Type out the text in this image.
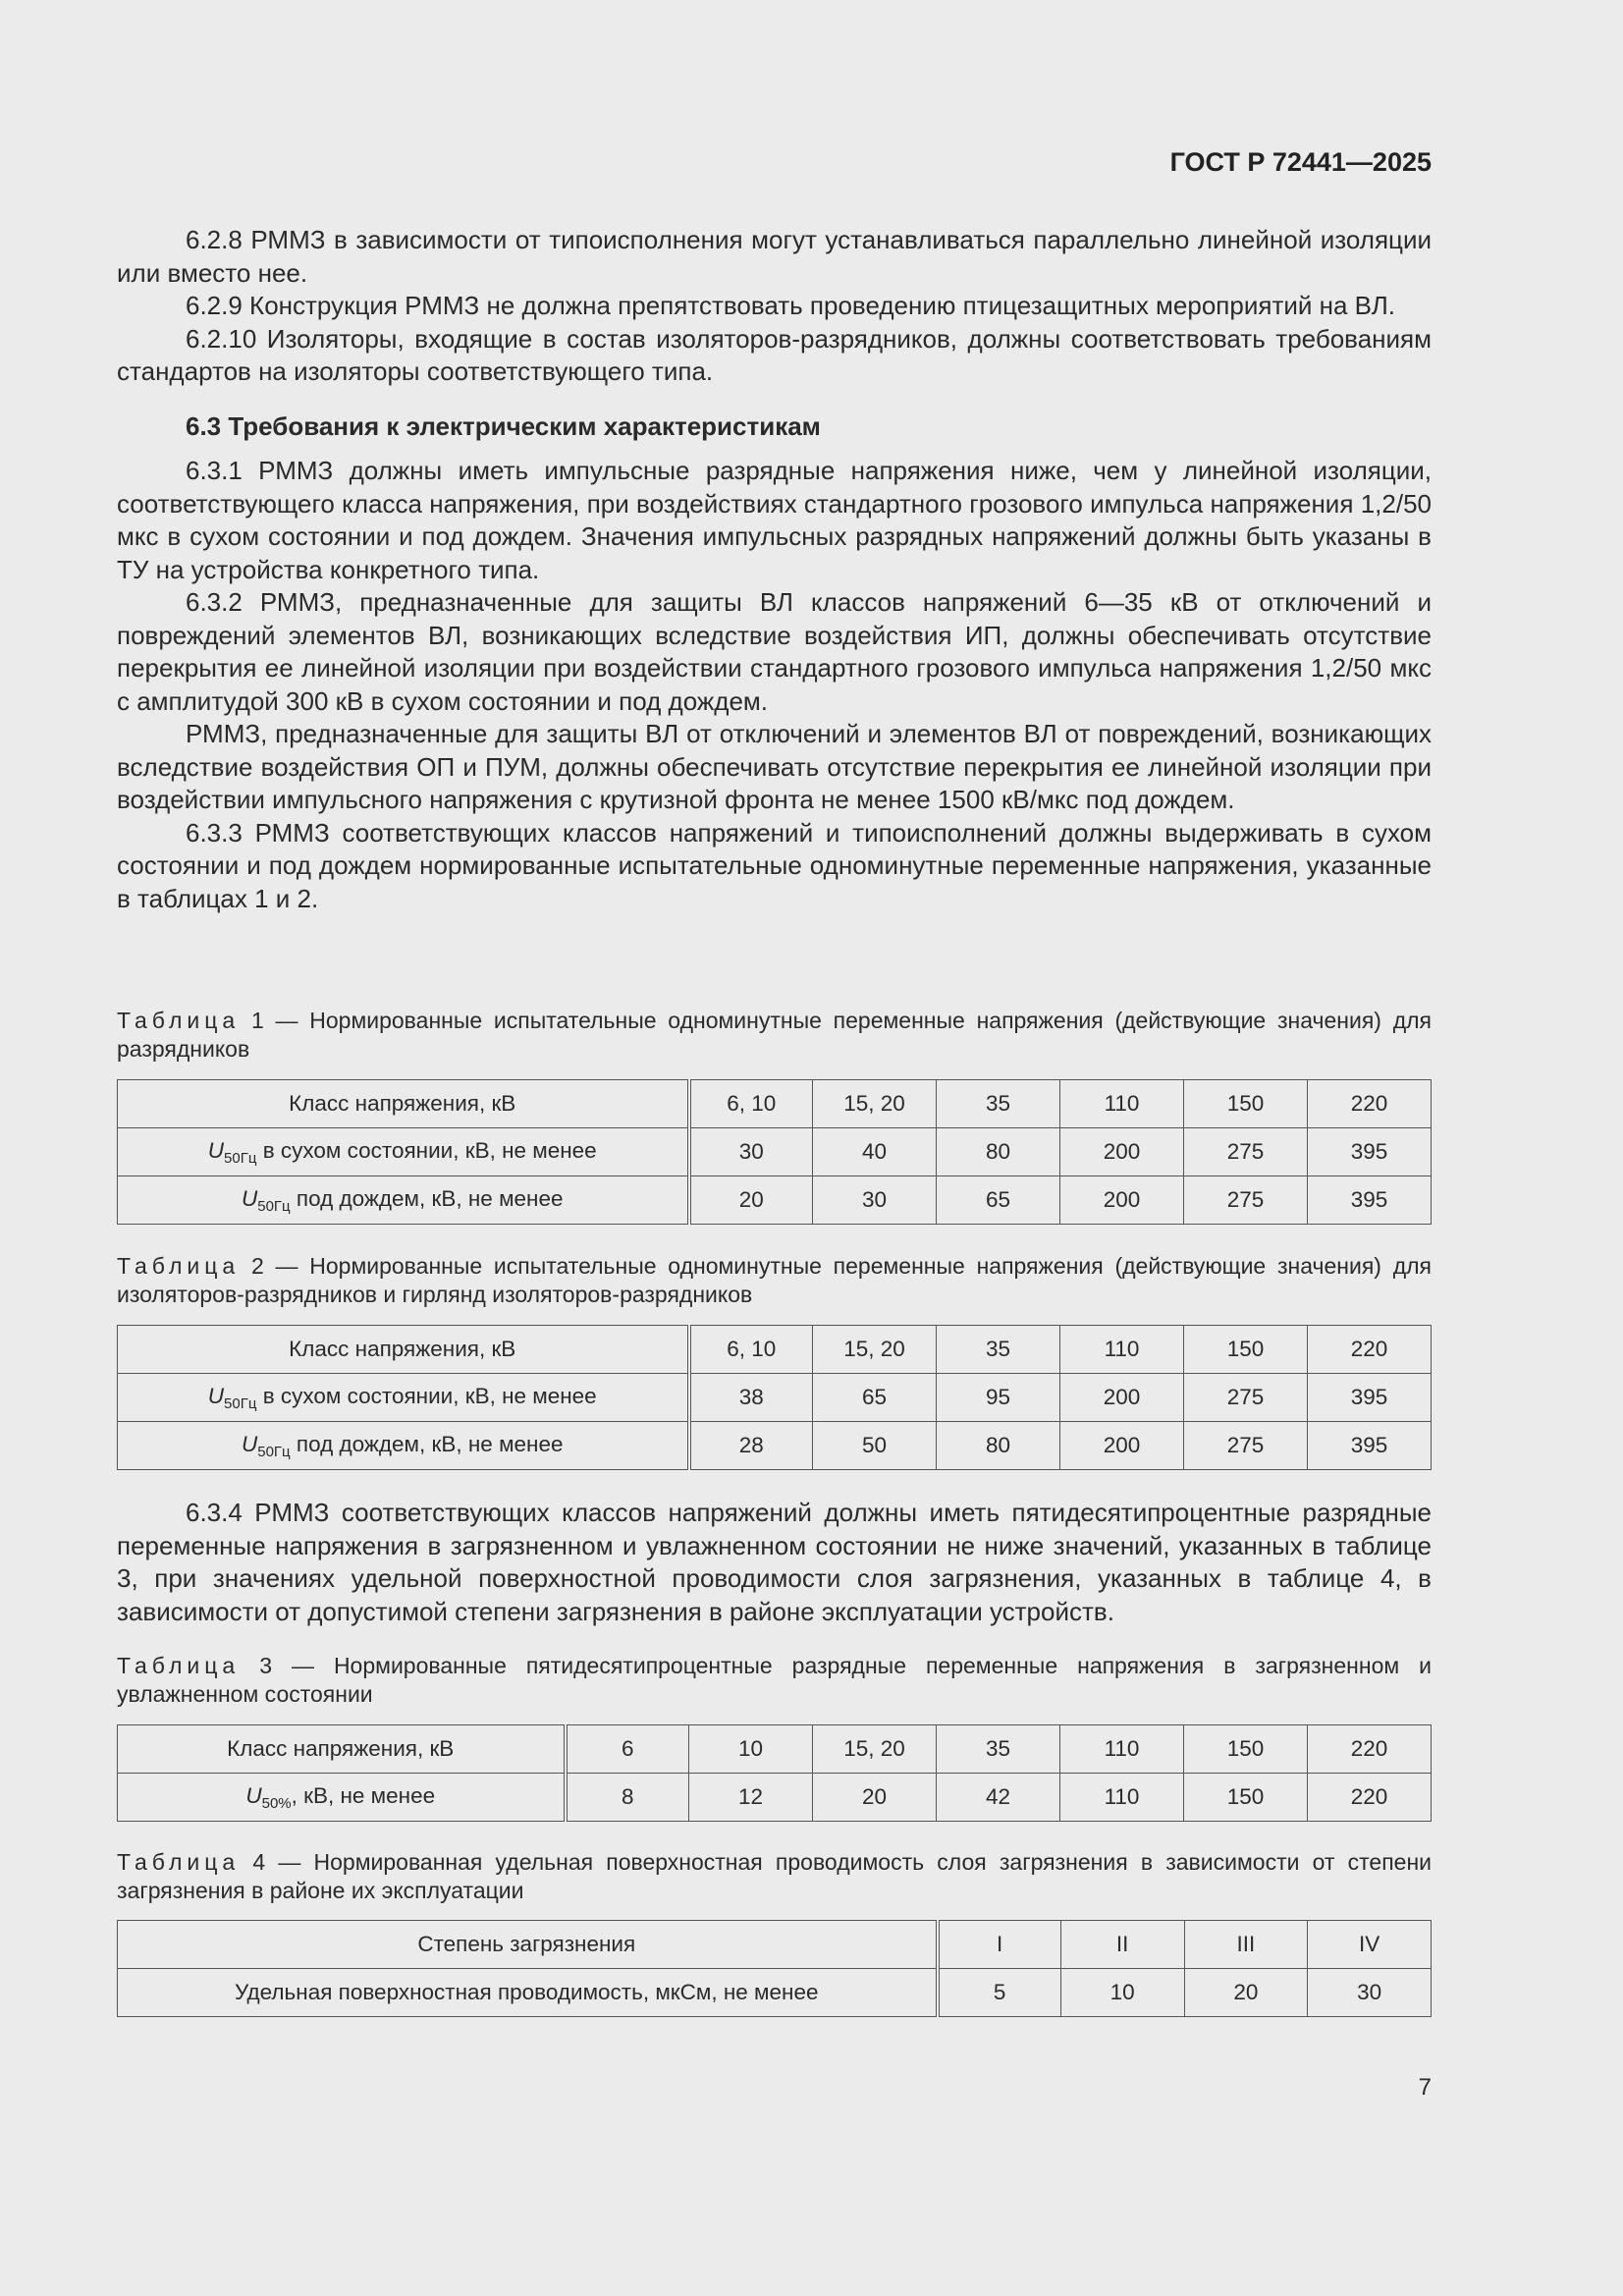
ГОСТ Р 72441—2025

6.2.8 РММЗ в зависимости от типоисполнения могут устанавливаться параллельно линейной изоляции или вместо нее.

6.2.9 Конструкция РММЗ не должна препятствовать проведению птицезащитных мероприятий на ВЛ.

6.2.10 Изоляторы, входящие в состав изоляторов-разрядников, должны соответствовать требованиям стандартов на изоляторы соответствующего типа.

6.3 Требования к электрическим характеристикам

6.3.1 РММЗ должны иметь импульсные разрядные напряжения ниже, чем у линейной изоляции, соответствующего класса напряжения, при воздействиях стандартного грозового импульса напряжения 1,2/50 мкс в сухом состоянии и под дождем. Значения импульсных разрядных напряжений должны быть указаны в ТУ на устройства конкретного типа.

6.3.2 РММЗ, предназначенные для защиты ВЛ классов напряжений 6—35 кВ от отключений и повреждений элементов ВЛ, возникающих вследствие воздействия ИП, должны обеспечивать отсутствие перекрытия ее линейной изоляции при воздействии стандартного грозового импульса напряжения 1,2/50 мкс с амплитудой 300 кВ в сухом состоянии и под дождем.

РММЗ, предназначенные для защиты ВЛ от отключений и элементов ВЛ от повреждений, возникающих вследствие воздействия ОП и ПУМ, должны обеспечивать отсутствие перекрытия ее линейной изоляции при воздействии импульсного напряжения с крутизной фронта не менее 1500 кВ/мкс под дождем.

6.3.3 РММЗ соответствующих классов напряжений и типоисполнений должны выдерживать в сухом состоянии и под дождем нормированные испытательные одноминутные переменные напряжения, указанные в таблицах 1 и 2.

Таблица 1 — Нормированные испытательные одноминутные переменные напряжения (действующие значения) для разрядников
Класс напряжения, кВ	6, 10	15, 20	35	110	150	220
$U_{50Гц}$ в сухом состоянии, кВ, не менее	30	40	80	200	275	395
$U_{50Гц}$ под дождем, кВ, не менее	20	30	65	200	275	395
Таблица 2 — Нормированные испытательные одноминутные переменные напряжения (действующие значения) для изоляторов-разрядников и гирлянд изоляторов-разрядников
Класс напряжения, кВ	6, 10	15, 20	35	110	150	220
$U_{50Гц}$ в сухом состоянии, кВ, не менее	38	65	95	200	275	395
$U_{50Гц}$ под дождем, кВ, не менее	28	50	80	200	275	395

6.3.4 РММЗ соответствующих классов напряжений должны иметь пятидесятипроцентные разрядные переменные напряжения в загрязненном и увлажненном состоянии не ниже значений, указанных в таблице 3, при значениях удельной поверхностной проводимости слоя загрязнения, указанных в таблице 4, в зависимости от допустимой степени загрязнения в районе эксплуатации устройств.

Таблица 3 — Нормированные пятидесятипроцентные разрядные переменные напряжения в загрязненном и увлажненном состоянии
Класс напряжения, кВ	6	10	15, 20	35	110	150	220
$U_{50\%}$, кВ, не менее	8	12	20	42	110	150	220
Таблица 4 — Нормированная удельная поверхностная проводимость слоя загрязнения в зависимости от степени загрязнения в районе их эксплуатации
Степень загрязнения	I	II	III	IV
Удельная поверхностная проводимость, мкСм, не менее	5	10	20	30
7
